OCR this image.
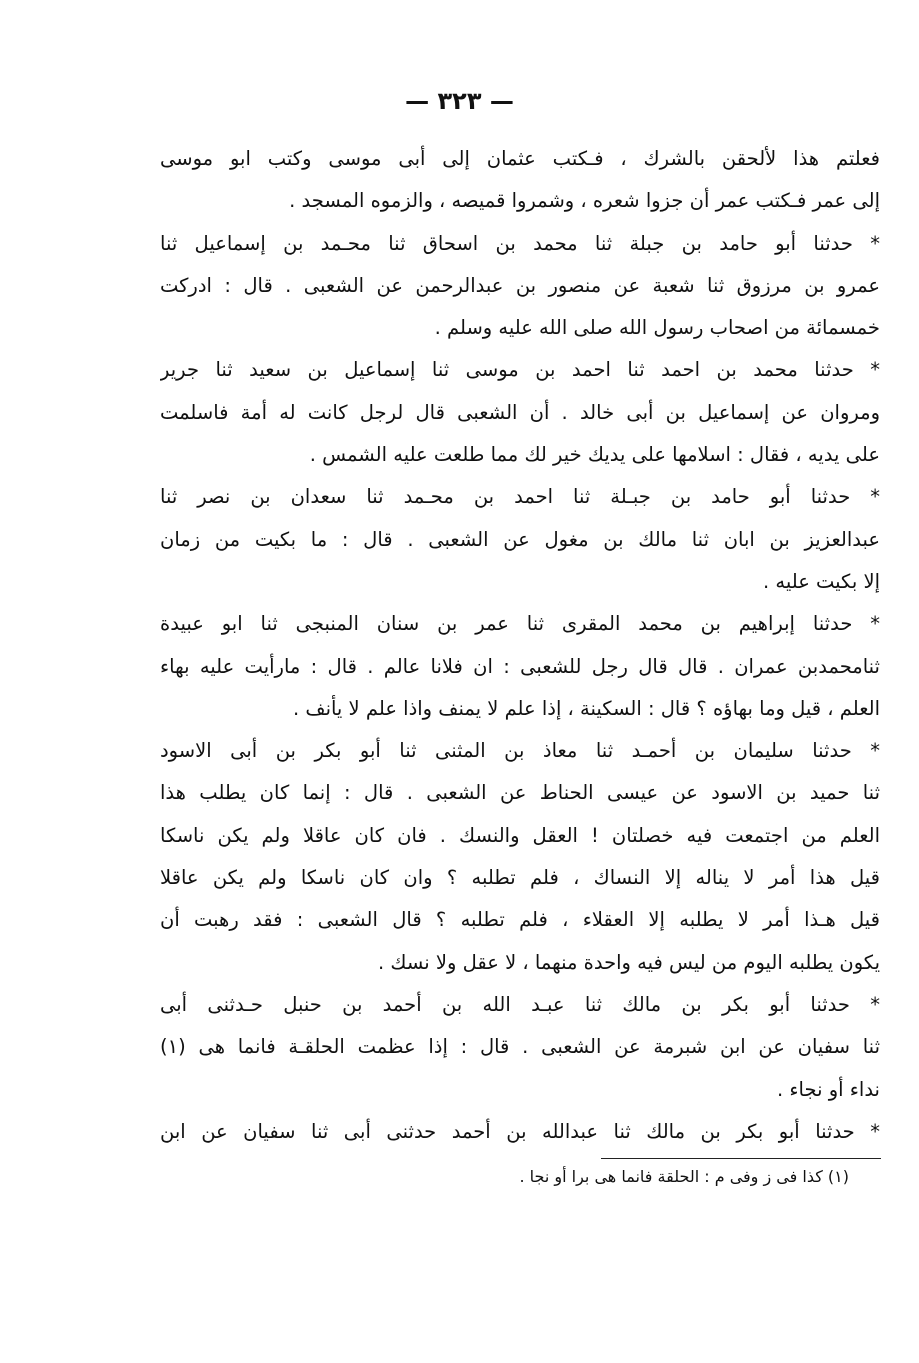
— ٣٢٣ —
فعلتم هذا لألحقن بالشرك ، فـكتب عثمان إلى أبى موسى وكتب ابو موسى
إلى عمر فـكتب عمر أن جزوا شعره ، وشمروا قميصه ، والزموه المسجد .
* حدثنا أبو حامد بن جبلة ثنا محمد بن اسحاق ثنا محـمد بن إسماعيل ثنا
عمرو بن مرزوق ثنا شعبة عن منصور بن عبدالرحمن عن الشعبى . قال : ادركت
خمسمائة من اصحاب رسول الله صلى الله عليه وسلم .
* حدثنا محمد بن احمد ثنا احمد بن موسى ثنا إسماعيل بن سعيد ثنا جرير
ومروان عن إسماعيل بن أبى خالد . أن الشعبى قال لرجل كانت له أمة فاسلمت
على يديه ، فقال : اسلامها على يديك خير لك مما طلعت عليه الشمس .
* حدثنا أبو حامد بن جبـلة ثنا احمد بن محـمد ثنا سعدان بن نصر ثنا
عبدالعزيز بن ابان ثنا مالك بن مغول عن الشعبى . قال : ما بكيت من زمان
إلا بكيت عليه .
* حدثنا إبراهيم بن محمد المقرى ثنا عمر بن سنان المنبجى ثنا ابو عبيدة
ثنامحمدبن عمران . قال قال رجل للشعبى : ان فلانا عالم . قال : مارأيت عليه بهاء
العلم ، قيل وما بهاؤه ؟ قال : السكينة ، إذا علم لا يمنف واذا علم لا يأنف .
* حدثنا سليمان بن أحمـد ثنا معاذ بن المثنى ثنا أبو بكر بن أبى الاسود
ثنا حميد بن الاسود عن عيسى الحناط عن الشعبى . قال : إنما كان يطلب هذا
العلم من اجتمعت فيه خصلتان ! العقل والنسك . فان كان عاقلا ولم يكن ناسكا
قيل هذا أمر لا يناله إلا النساك ، فلم تطلبه ؟ وان كان ناسكا ولم يكن عاقلا
قيل هـذا أمر لا يطلبه إلا العقلاء ، فلم تطلبه ؟ قال الشعبى : فقد رهبت أن
يكون يطلبه اليوم من ليس فيه واحدة منهما ، لا عقل ولا نسك .
* حدثنا أبو بكر بن مالك ثنا عبـد الله بن أحمد بن حنبل حـدثنى أبى
ثنا سفيان عن ابن شبرمة عن الشعبى . قال : إذا عظمت الحلقـة فانما هى (١)
نداء أو نجاء .
* حدثنا أبو بكر بن مالك ثنا عبدالله بن أحمد حدثنى أبى ثنا سفيان عن ابن
(١) كذا فى ز وفى م : الحلقة فانما هى برا أو نجا .
